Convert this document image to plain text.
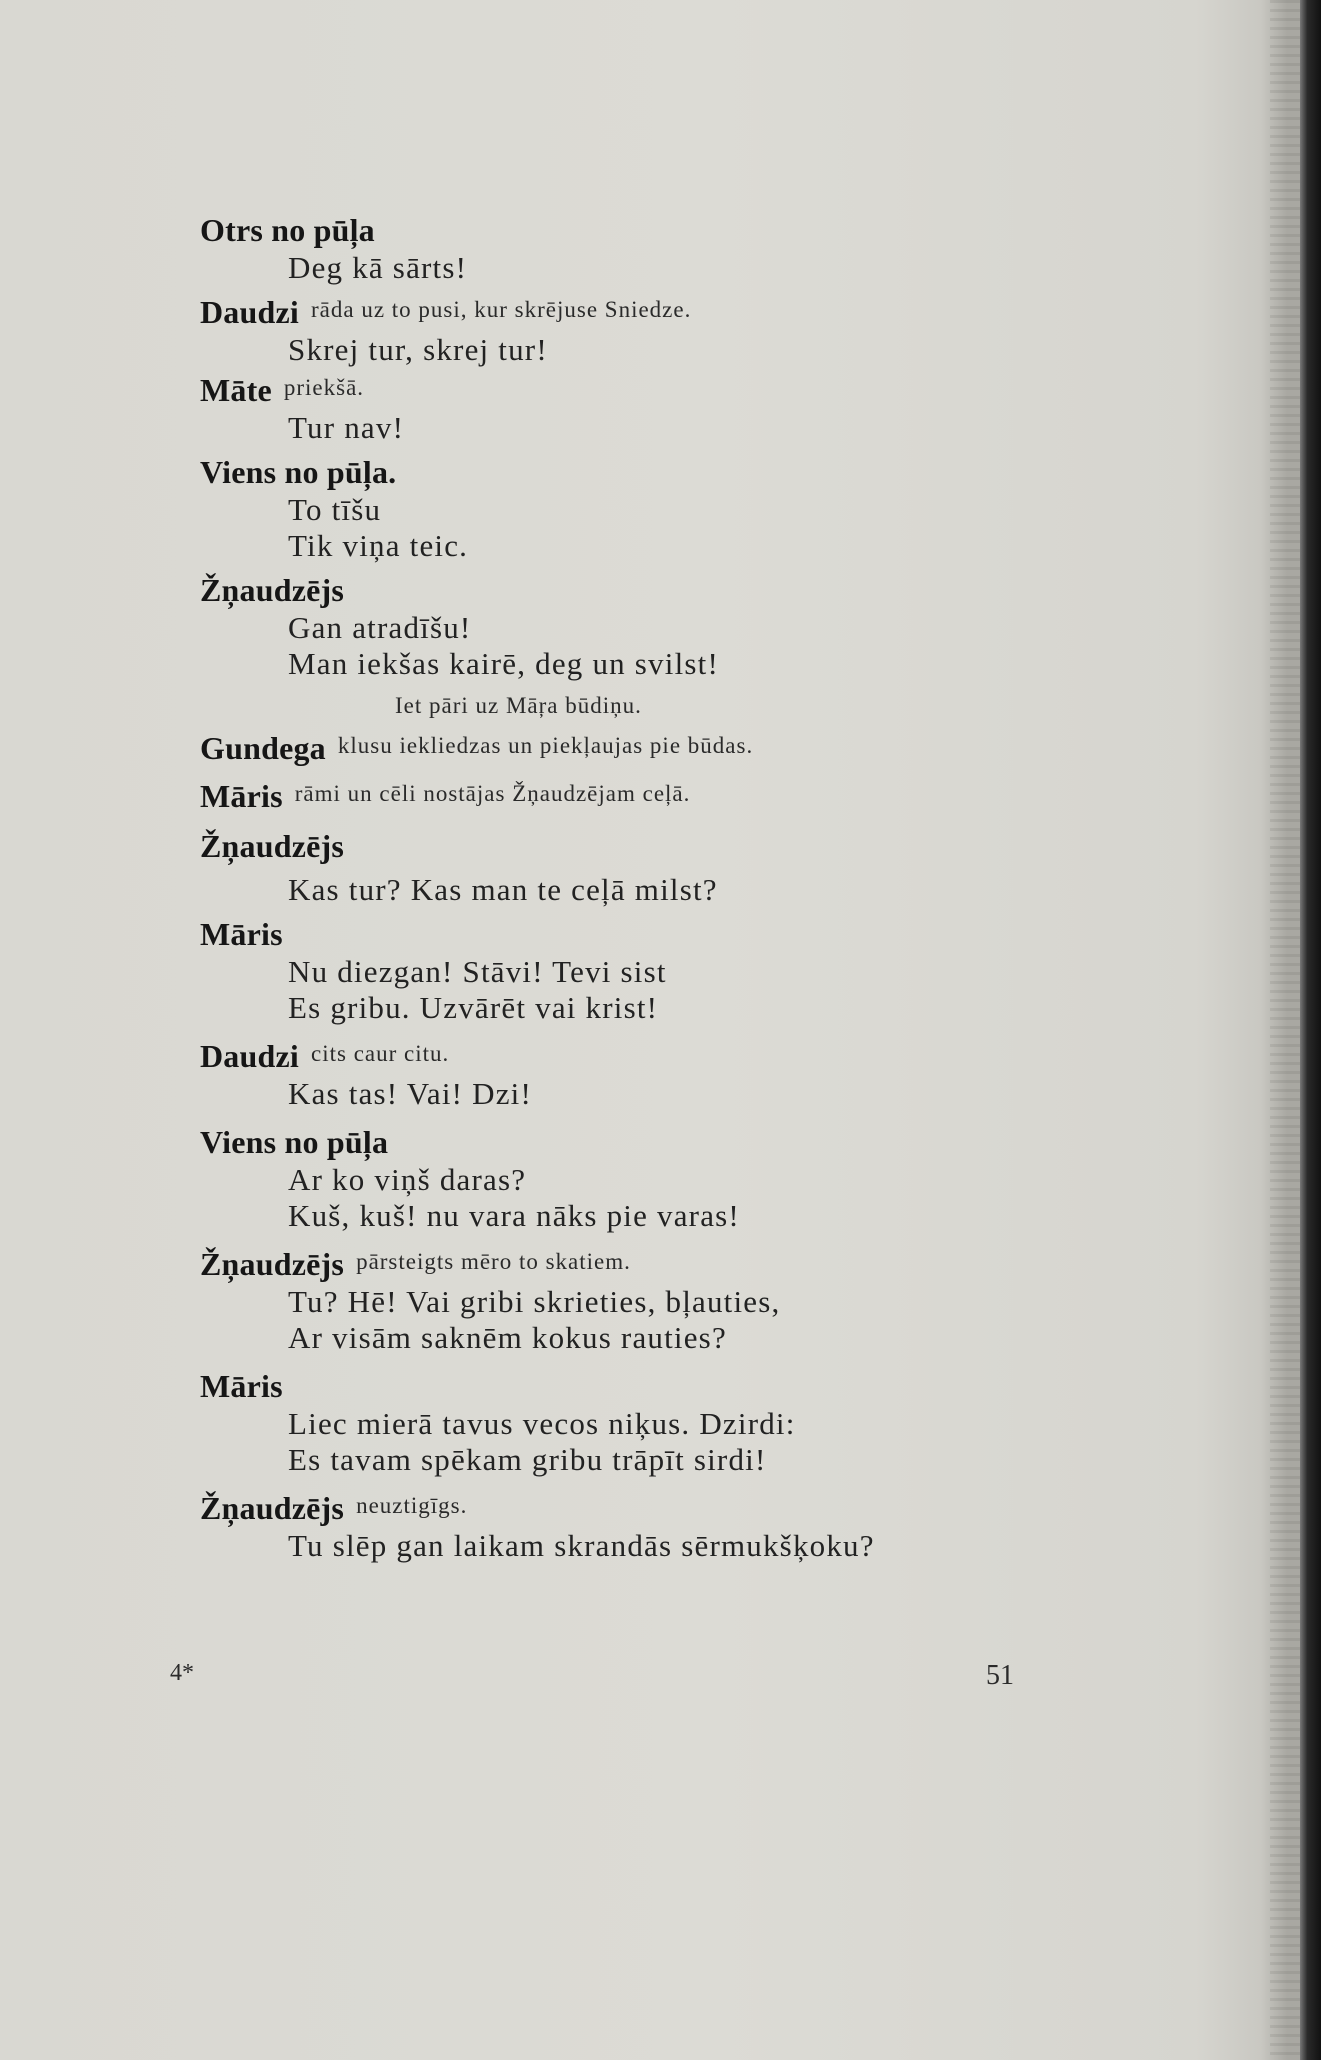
Otrs no pūļa
Deg kā sārts!
Daudzi rāda uz to pusi, kur skrējuse Sniedze.
Skrej tur, skrej tur!
Māte priekšā.
Tur nav!
Viens no pūļa.
To tīšu
Tik viņa teic.
Žņaudzējs
Gan atradīšu!
Man iekšas kairē, deg un svilst!
Iet pāri uz Māŗa būdiņu.
Gundega klusu iekliedzas un piekļaujas pie būdas.
Māris rāmi un cēli nostājas Žņaudzējam ceļā.
Žņaudzējs
Kas tur? Kas man te ceļā milst?
Māris
Nu diezgan! Stāvi! Tevi sist
Es gribu. Uzvārēt vai krist!
Daudzi cits caur citu.
Kas tas! Vai! Dzi!
Viens no pūļa
Ar ko viņš daras?
Kuš, kuš! nu vara nāks pie varas!
Žņaudzējs pārsteigts mēro to skatiem.
Tu? Hē! Vai gribi skrieties, bļauties,
Ar visām saknēm kokus rauties?
Māris
Liec mierā tavus vecos niķus. Dzirdi:
Es tavam spēkam gribu trāpīt sirdi!
Žņaudzējs neuztigīgs.
Tu slēp gan laikam skrandās sērmukšķoku?
4*	51
